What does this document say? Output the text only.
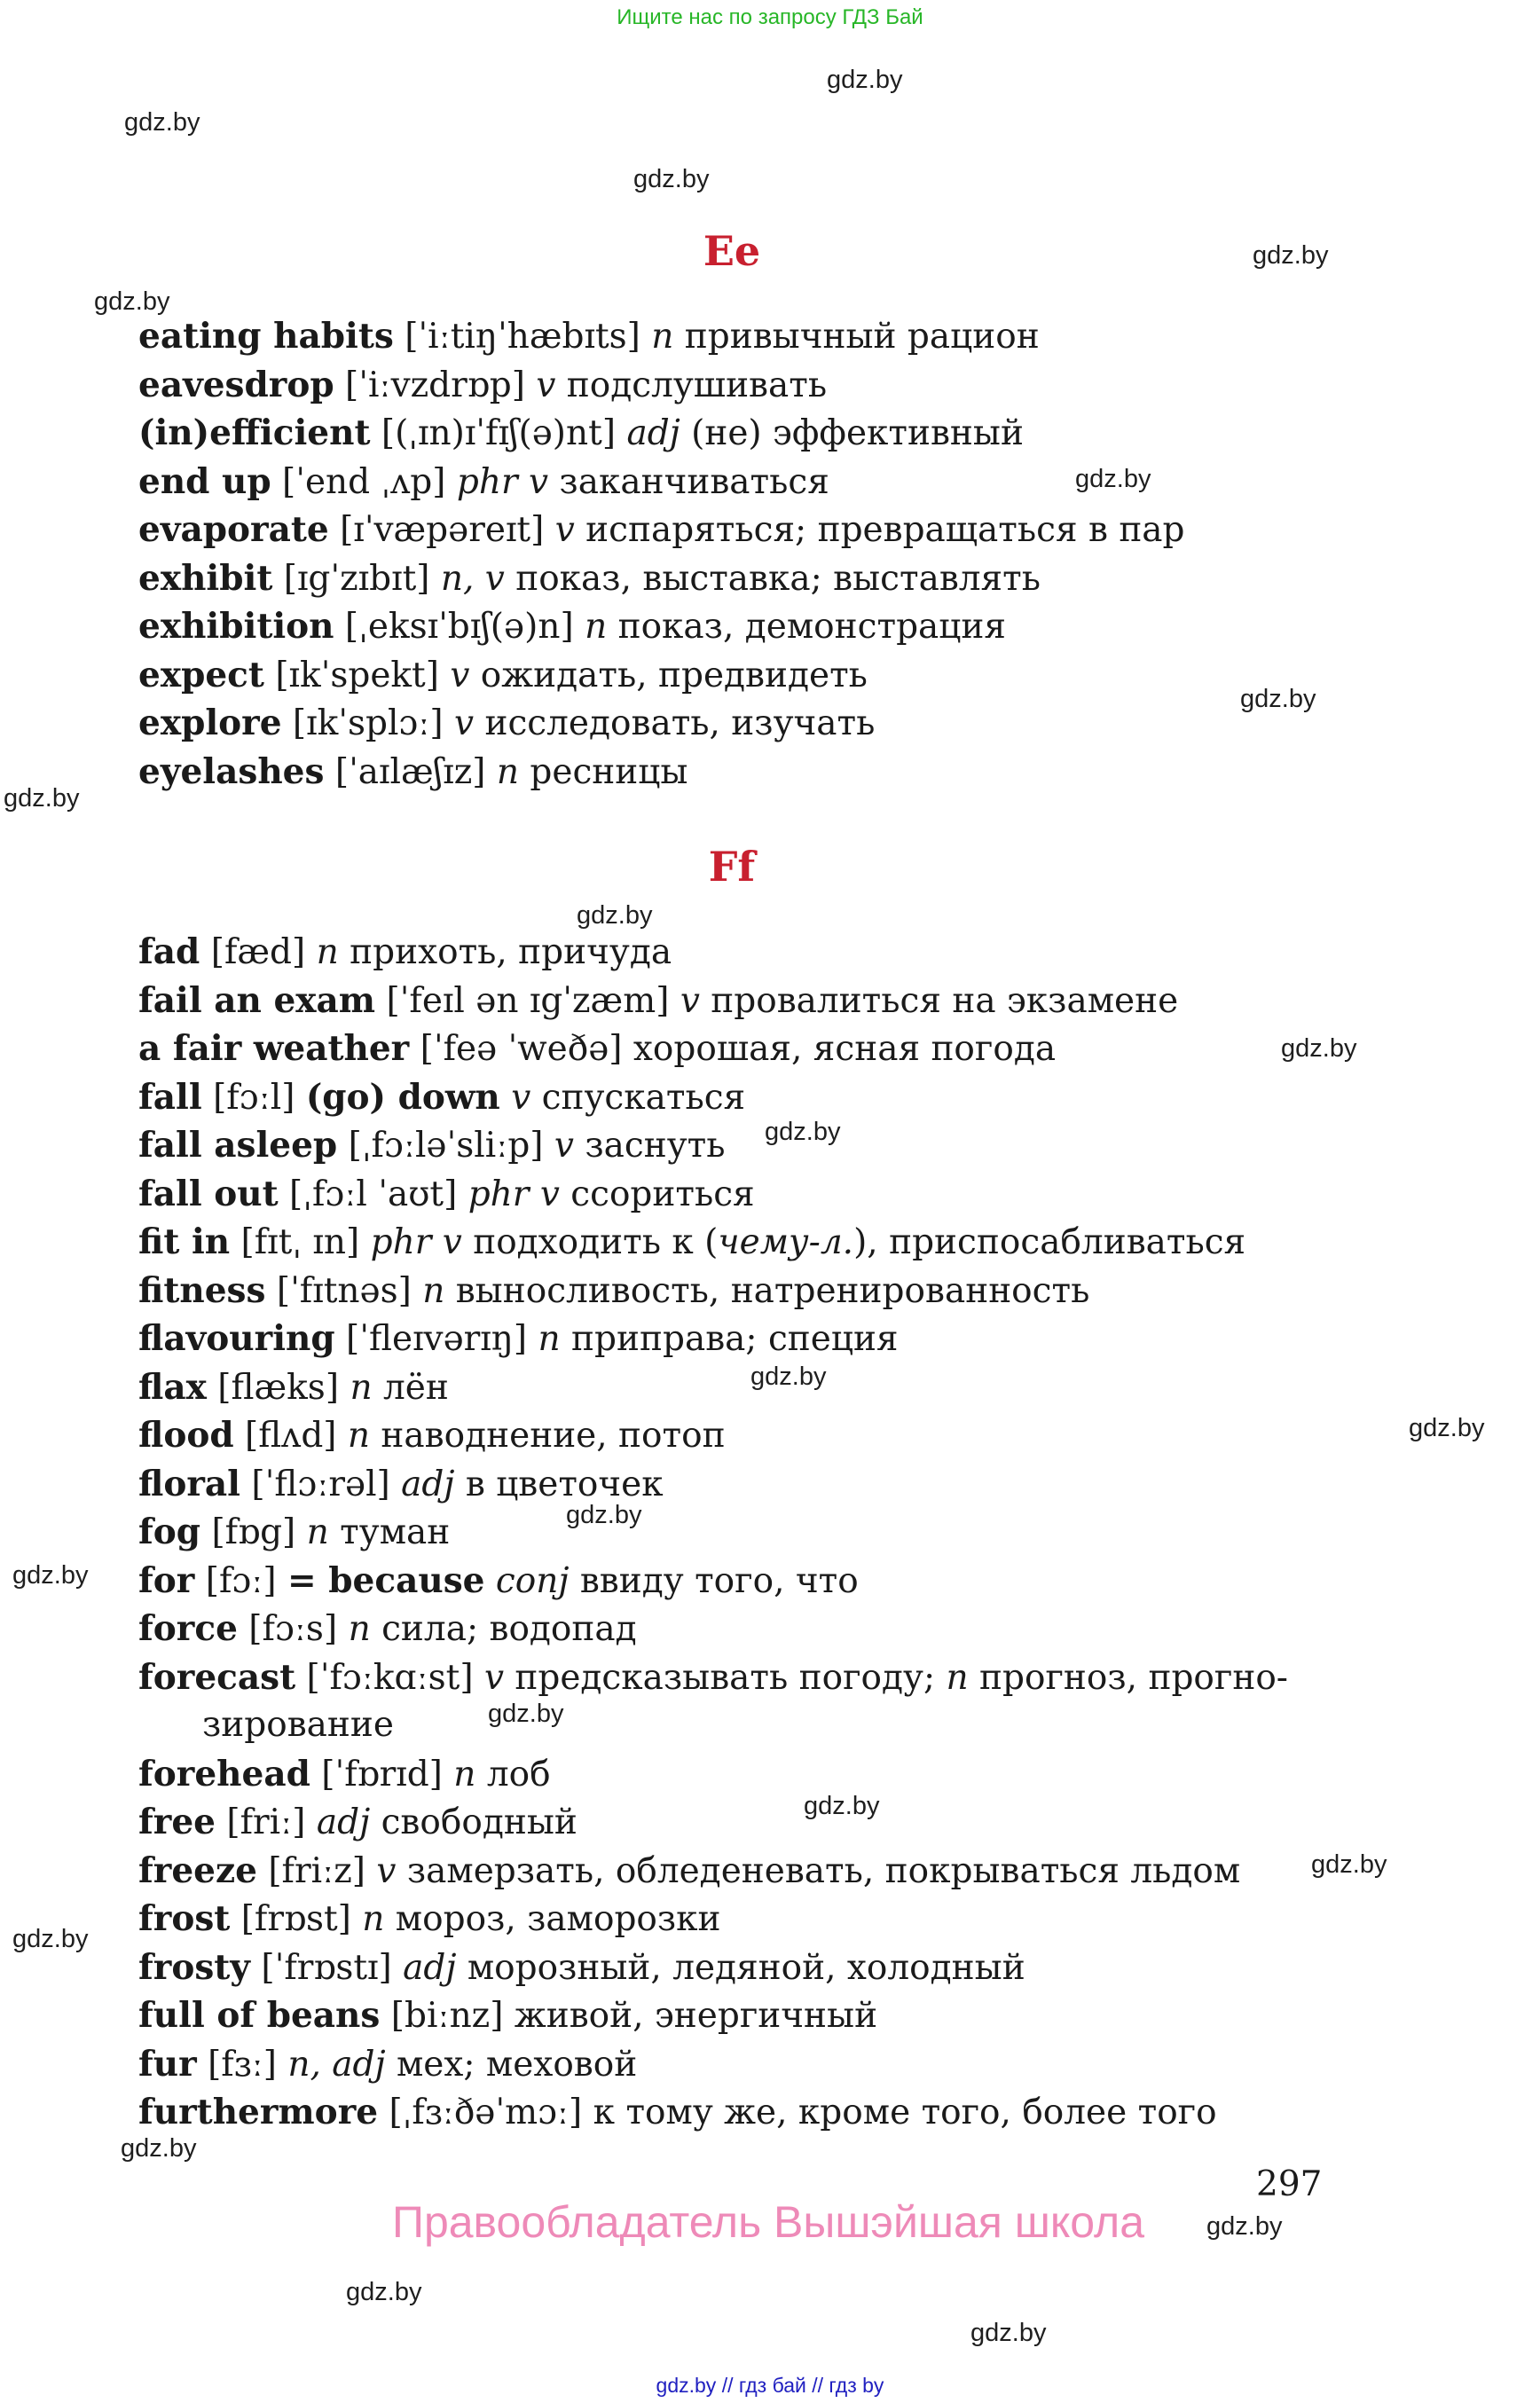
Ищите нас по запросу ГДЗ Бай
gdz.by
gdz.by
gdz.by
gdz.by
gdz.by
gdz.by
gdz.by
gdz.by
gdz.by
gdz.by
gdz.by
gdz.by
gdz.by
gdz.by
gdz.by
gdz.by
gdz.by
gdz.by
gdz.by
gdz.by
gdz.by
gdz.by
gdz.by
Ee
eating habits [ˈiːtiŋˈhæbɪts] n привычный рацион
eavesdrop [ˈiːvzdrɒp] v подслушивать
(in)efficient [(ˌɪn)ɪˈfɪʃ(ə)nt] adj (не) эффективный
end up [ˈend ˌʌp] phr v заканчиваться
evaporate [ɪˈvæpəreɪt] v испаряться; превращаться в пар
exhibit [ɪgˈzɪbɪt] n, v показ, выставка; выставлять
exhibition [ˌeksɪˈbɪʃ(ə)n] n показ, демонстрация
expect [ɪkˈspekt] v ожидать, предвидеть
explore [ɪkˈsplɔː] v исследовать, изучать
eyelashes [ˈaɪlæʃɪz] n ресницы
Ff
fad [fæd] n прихоть, причуда
fail an exam [ˈfeɪl ən ɪgˈzæm] v провалиться на экзамене
a fair weather [ˈfeə ˈweðə] хорошая, ясная погода
fall [fɔːl] (go) down v спускаться
fall asleep [ˌfɔːləˈsliːp] v заснуть
fall out [ˌfɔːl ˈaʊt] phr v ссориться
fit in [fɪtˌ ɪn] phr v подходить к (чему-л.), приспосабливаться
fitness [ˈfɪtnəs] n выносливость, натренированность
flavouring [ˈfleɪvərɪŋ] n приправа; специя
flax [flæks] n лён
flood [flʌd] n наводнение, потоп
floral [ˈflɔːrəl] adj в цветочек
fog [fɒg] n туман
for [fɔː] = because conj ввиду того, что
force [fɔːs] n сила; водопад
forecast [ˈfɔːkɑːst] v предсказывать погоду; n прогноз, прогно-
зирование
forehead [ˈfɒrɪd] n лоб
free [friː] adj свободный
freeze [friːz] v замерзать, обледеневать, покрываться льдом
frost [frɒst] n мороз, заморозки
frosty [ˈfrɒstɪ] adj морозный, ледяной, холодный
full of beans [biːnz] живой, энергичный
fur [fɜː] n, adj мех; меховой
furthermore [ˌfɜːðəˈmɔː] к тому же, кроме того, более того
297
Правообладатель Вышэйшая школа
gdz.by // гдз бай // гдз by
